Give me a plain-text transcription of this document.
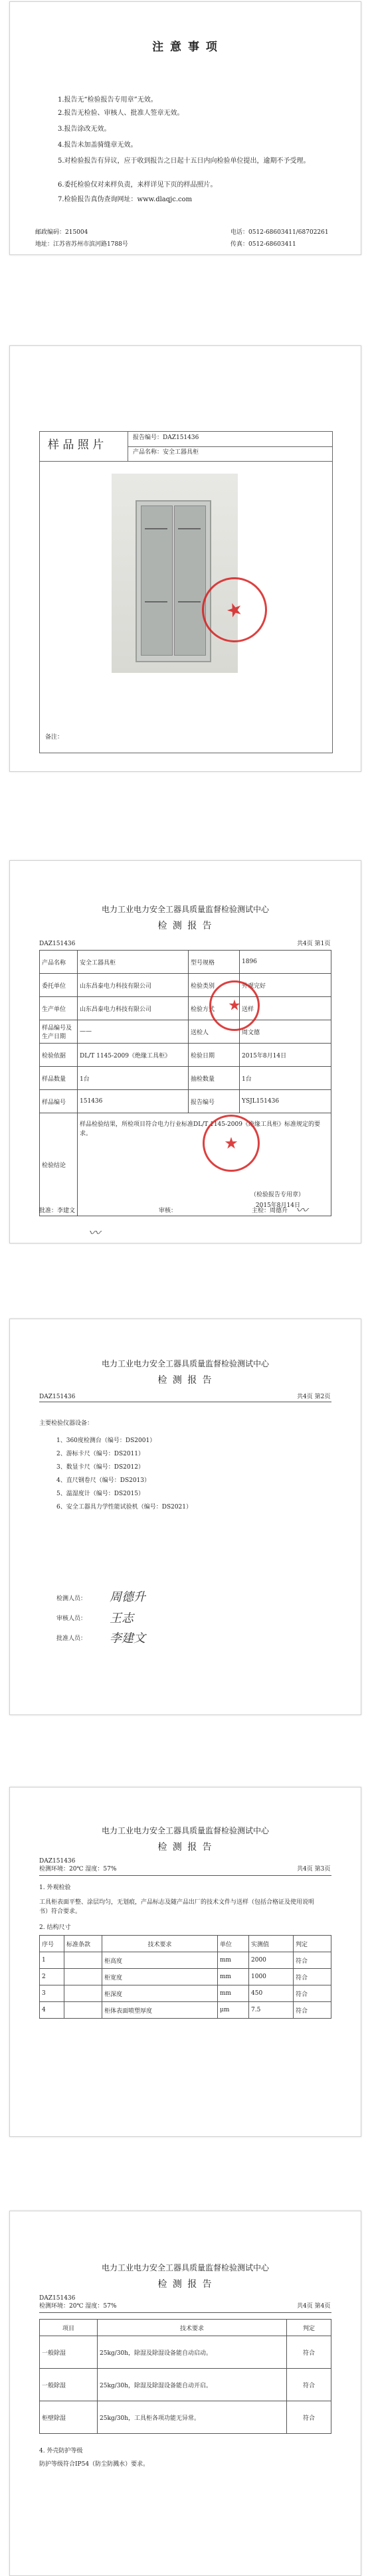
注 意 事 项
1.报告无“检验报告专用章”无效。
2.报告无检验、审核人、批准人签章无效。
3.报告涂改无效。
4.报告未加盖骑缝章无效。
5.对检验报告有异议，应于收到报告之日起十五日内向检验单位提出，逾期不予受理。
6.委托检验仅对来样负责，来样详见下页的样品照片。
7.检验报告真伪查询网址：www.dlaqjc.com
邮政编码：215004	电话：0512-68603411/68702261
地址：江苏省苏州市滨河路1788号	传真：0512-68603411
样 品 照 片
报告编号：DAZ151436
产品名称：安全工器具柜
★
备注：
电力工业电力安全工器具质量监督检验测试中心
检 测 报 告
DAZ151436	共4页 第1页
产品名称	安全工器具柜	型号规格	1896
委托单位	山东昌泰电力科技有限公司	检验类别	外观完好
生产单位	山东昌泰电力科技有限公司	检验方式	送样
样品编号及生产日期	——	送检人	周文德
检验依据	DL/T 1145-2009《绝缘工具柜》	检验日期	2015年8月14日
样品数量	1台	抽检数量	1台
样品编号	151436	报告编号	YSJL151436
检验结论	样品检验结果，所检项目符合电力行业标准DL/T 1145-2009《绝缘工具柜》标准规定的要求。
（检验报告专用章）
2015年8月14日		
★
★
批准：李建文	审核：	主检：周德升
〰
〰
电力工业电力安全工器具质量监督检验测试中心
检 测 报 告
DAZ151436	共4页 第2页
主要检验仪器设备：
1、360度检测台（编号：DS2001）
2、游标卡尺（编号：DS2011）
3、数显卡尺（编号：DS2012）
4、直尺钢卷尺（编号：DS2013）
5、温湿度计（编号：DS2015）
6、安全工器具力学性能试验机（编号：DS2021）
检测人员： 周德升
审核人员： 王志
批准人员： 李建文
电力工业电力安全工器具质量监督检验测试中心
检 测 报 告
DAZ151436
检测环境：20℃ 湿度：57%	共4页 第3页
1. 外观检验
工具柜表面平整、涂层均匀，无划痕，产品标志及随产品出厂的技术文件与送样（包括合格证及使用说明书）符合要求。
2. 结构尺寸
序号	标准条款	技术要求	单位	实测值	判定
1		柜高度	mm	2000	符合
2		柜宽度	mm	1000	符合
3		柜深度	mm	450	符合
4		柜体表面喷塑厚度	μm	7.5	符合
电力工业电力安全工器具质量监督检验测试中心
检 测 报 告
DAZ151436
检测环境：20℃ 湿度：57%	共4页 第4页
项目	技术要求	判定
一般除湿	25kg/30h，除湿及除湿设备能自动启动。	符合
一般除湿	25kg/30h，除湿及除湿设备能自动开启。	符合
柜壁除湿	25kg/30h，工具柜各项功能无异常。	符合
4. 外壳防护等级
防护等级符合IP54（防尘防溅水）要求。
